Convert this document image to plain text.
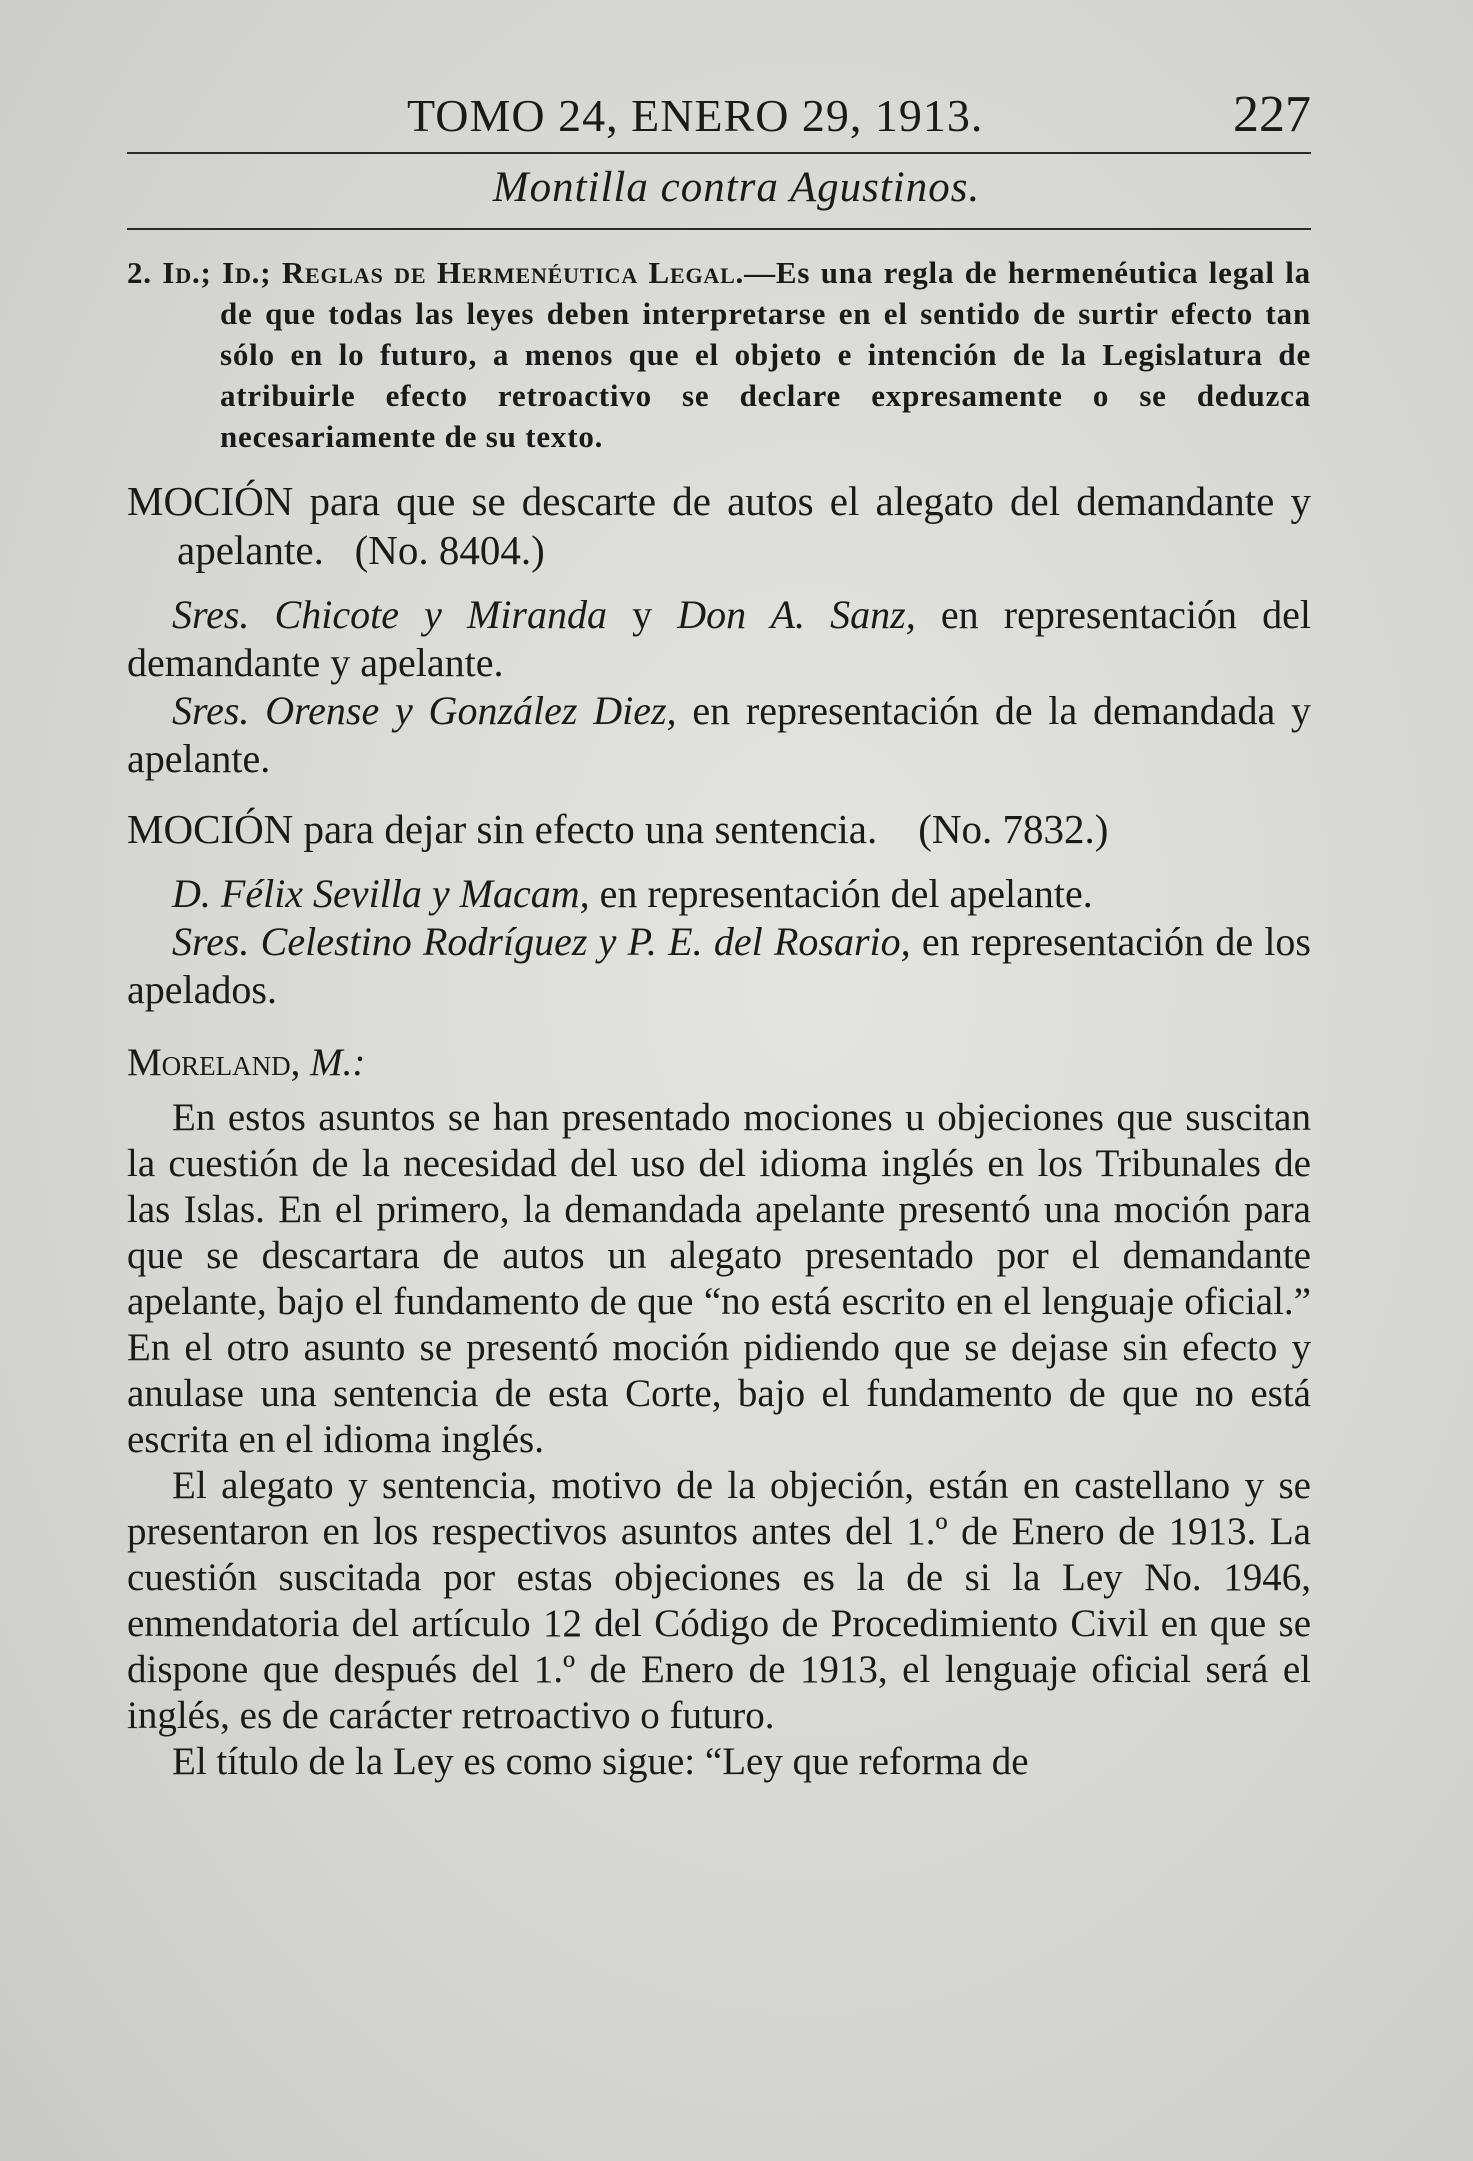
TOMO 24, ENERO 29, 1913.	227
Montilla contra Agustinos.

2. Id.; Id.; Reglas de Hermenéutica Legal.—Es una regla de hermenéutica legal la de que todas las leyes deben interpretarse en el sentido de surtir efecto tan sólo en lo futuro, a menos que el objeto e intención de la Legislatura de atribuirle efecto retroactivo se declare expresamente o se deduzca necesariamente de su texto.

MOCIÓN para que se descarte de autos el alegato del demandante y apelante. (No. 8404.)

Sres. Chicote y Miranda y Don A. Sanz, en representación del demandante y apelante.

Sres. Orense y González Diez, en representación de la demandada y apelante.

MOCIÓN para dejar sin efecto una sentencia. (No. 7832.)

D. Félix Sevilla y Macam, en representación del apelante.

Sres. Celestino Rodríguez y P. E. del Rosario, en representación de los apelados.

Moreland, M.:

En estos asuntos se han presentado mociones u objeciones que suscitan la cuestión de la necesidad del uso del idioma inglés en los Tribunales de las Islas. En el primero, la demandada apelante presentó una moción para que se descartara de autos un alegato presentado por el demandante apelante, bajo el fundamento de que “no está escrito en el lenguaje oficial.” En el otro asunto se presentó moción pidiendo que se dejase sin efecto y anulase una sentencia de esta Corte, bajo el fundamento de que no está escrita en el idioma inglés.

El alegato y sentencia, motivo de la objeción, están en castellano y se presentaron en los respectivos asuntos antes del 1.º de Enero de 1913. La cuestión suscitada por estas objeciones es la de si la Ley No. 1946, enmendatoria del artículo 12 del Código de Procedimiento Civil en que se dispone que después del 1.º de Enero de 1913, el lenguaje oficial será el inglés, es de carácter retroactivo o futuro.

El título de la Ley es como sigue: “Ley que reforma de
